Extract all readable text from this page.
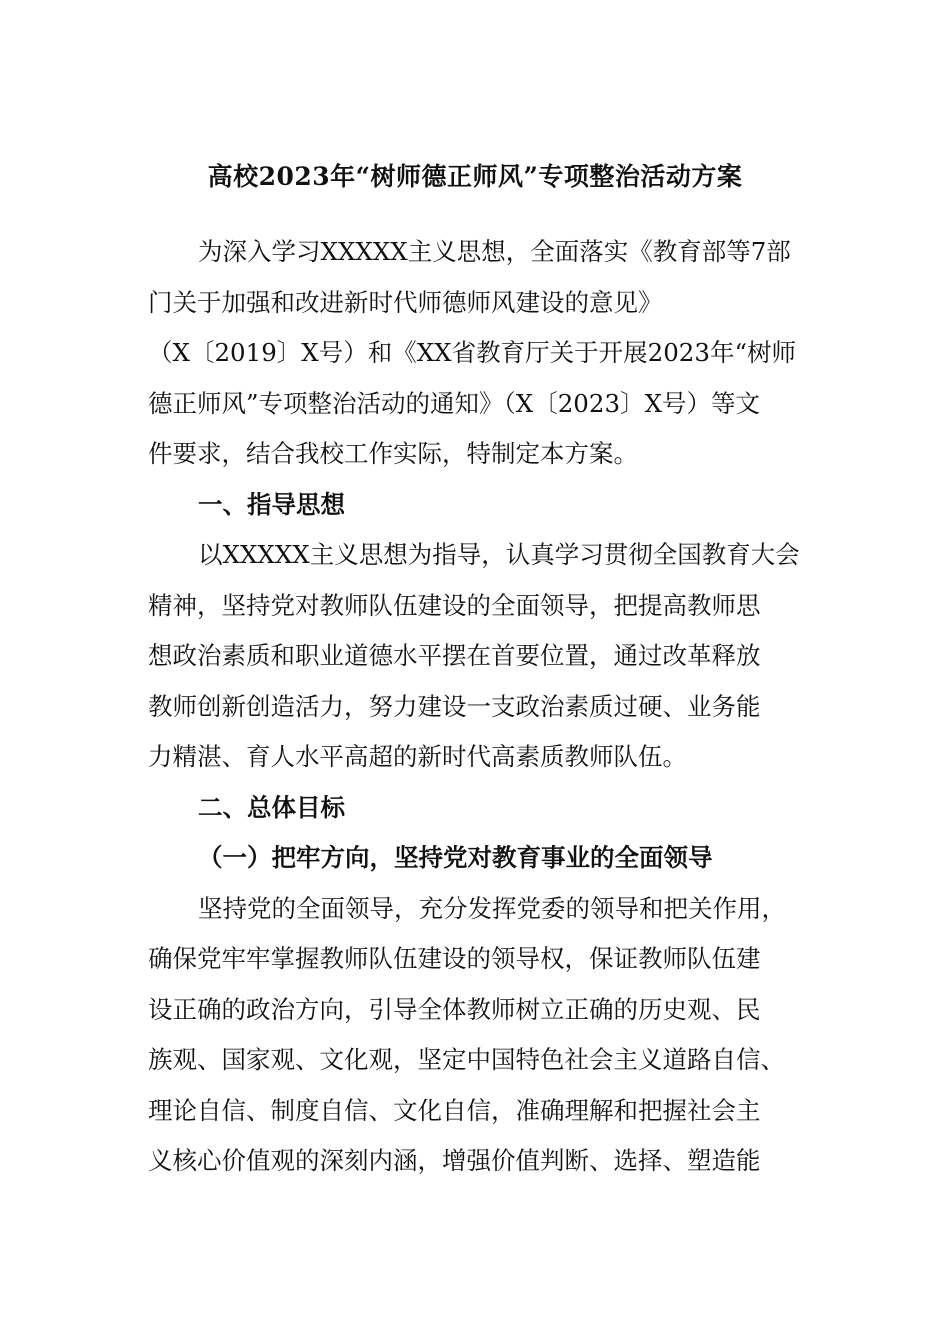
高校2023年“树师德正师风”专项整治活动方案
为深入学习XXXXX主义思想，全面落实《教育部等7部
门关于加强和改进新时代师德师风建设的意见》
（X〔2019〕X号）和《XX省教育厅关于开展2023年“树师
德正师风”专项整治活动的通知》（X〔2023〕X号）等文
件要求，结合我校工作实际，特制定本方案。
一、指导思想
以XXXXX主义思想为指导，认真学习贯彻全国教育大会
精神，坚持党对教师队伍建设的全面领导，把提高教师思
想政治素质和职业道德水平摆在首要位置，通过改革释放
教师创新创造活力，努力建设一支政治素质过硬、业务能
力精湛、育人水平高超的新时代高素质教师队伍。
二、总体目标
（一）把牢方向，坚持党对教育事业的全面领导
坚持党的全面领导，充分发挥党委的领导和把关作用，
确保党牢牢掌握教师队伍建设的领导权，保证教师队伍建
设正确的政治方向，引导全体教师树立正确的历史观、民
族观、国家观、文化观，坚定中国特色社会主义道路自信、
理论自信、制度自信、文化自信，准确理解和把握社会主
义核心价值观的深刻内涵，增强价值判断、选择、塑造能
